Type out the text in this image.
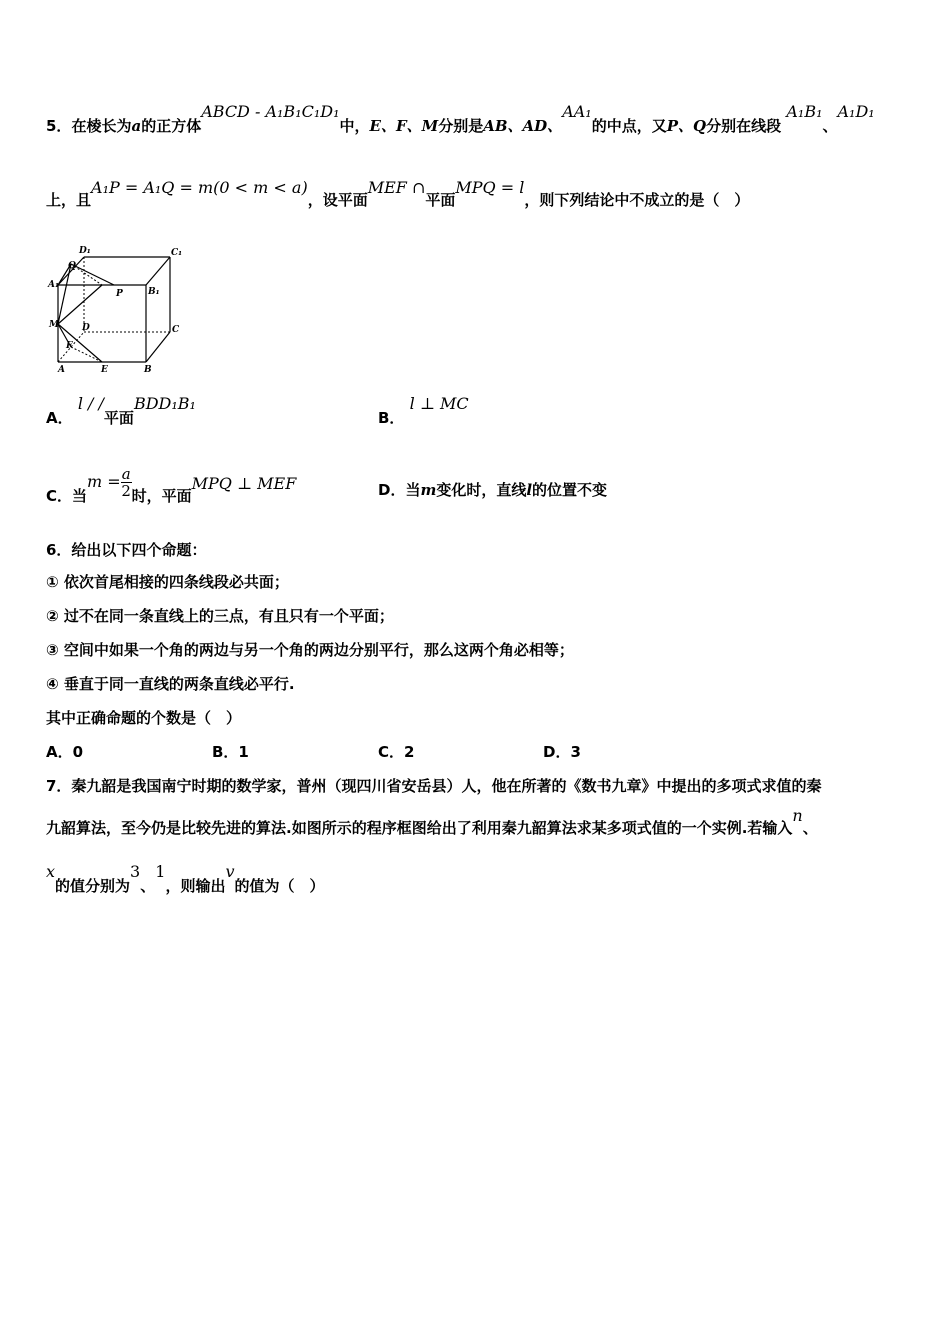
5．在棱长为a的正方体ABCD - A₁B₁C₁D₁中，E、F、M分别是AB、AD、AA₁的中点，又P、Q分别在线段 A₁B₁、A₁D₁
上，且A₁P = A₁Q = m(0 < m < a)，设平面MEF ∩平面MPQ = l，则下列结论中不成立的是（　）
D₁	C₁
Q
A₁
P	B₁
M	D	C
F
A	E	B
A． l / /平面BDD₁B₁
B． l ⊥ MC
C．当$m = \frac{a}{2}$ 时，平面MPQ ⊥ MEF	D．当m变化时，直线l的位置不变
6．给出以下四个命题：
① 依次首尾相接的四条线段必共面；
② 过不在同一条直线上的三点，有且只有一个平面；
③ 空间中如果一个角的两边与另一个角的两边分别平行，那么这两个角必相等；
④ 垂直于同一直线的两条直线必平行.
其中正确命题的个数是（　）
A．0	B．1	C．2	D．3
7．秦九韶是我国南宁时期的数学家，普州（现四川省安岳县）人，他在所著的《数书九章》中提出的多项式求值的秦
九韶算法，至今仍是比较先进的算法.如图所示的程序框图给出了利用秦九韶算法求某多项式值的一个实例.若输入n、
x的值分别为3、1，则输出v的值为（　）
